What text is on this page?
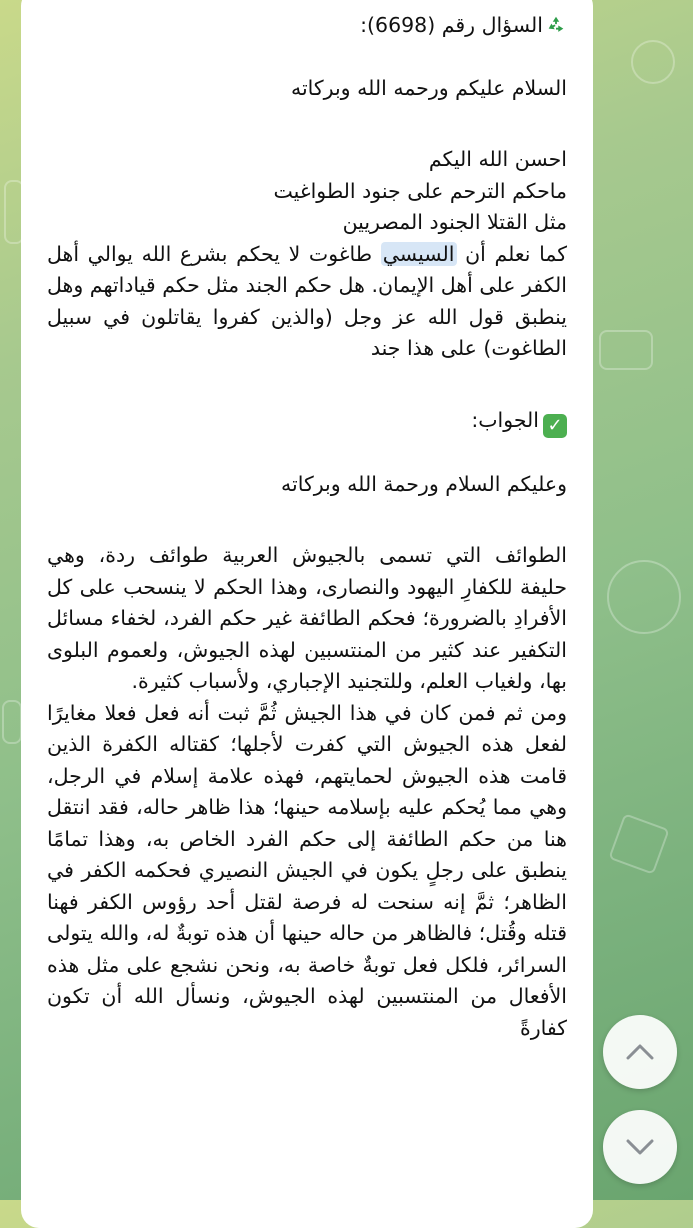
السؤال رقم (6698):
السلام عليكم ورحمه الله وبركاته
احسن الله اليكم
ماحكم الترحم على جنود الطواغيت
مثل القتلا الجنود المصريين
كما نعلم أن السيسي طاغوت لا يحكم بشرع الله يوالي أهل الكفر على أهل الإيمان. هل حكم الجند مثل حكم قياداتهم وهل ينطبق قول الله عز وجل (والذين كفروا يقاتلون في سبيل الطاغوت) على هذا جند
✓الجواب:
وعليكم السلام ورحمة الله وبركاته
الطوائف التي تسمى بالجيوش العربية طوائف ردة، وهي حليفة للكفارِ اليهود والنصارى، وهذا الحكم لا ينسحب على كل الأفرادِ بالضرورة؛ فحكم الطائفة غير حكم الفرد، لخفاء مسائل التكفير عند كثير من المنتسبين لهذه الجيوش، ولعموم البلوى بها، ولغياب العلم، وللتجنيد الإجباري، ولأسباب كثيرة.
ومن ثم فمن كان في هذا الجيش ثُمَّ ثبت أنه فعل فعلا مغايرًا لفعل هذه الجيوش التي كفرت لأجلها؛ كقتاله الكفرة الذين قامت هذه الجيوش لحمايتهم، فهذه علامة إسلام في الرجل، وهي مما يُحكم عليه بإسلامه حينها؛ هذا ظاهر حاله، فقد انتقل هنا من حكم الطائفة إلى حكم الفرد الخاص به، وهذا تمامًا ينطبق على رجلٍ يكون في الجيش النصيري فحكمه الكفر في الظاهر؛ ثمَّ إنه سنحت له فرصة لقتل أحد رؤوس الكفر فهنا قتله وقُتل؛ فالظاهر من حاله حينها أن هذه توبةٌ له، والله يتولى السرائر، فلكل فعل توبةٌ خاصة به، ونحن نشجع على مثل هذه الأفعال من المنتسبين لهذه الجيوش، ونسأل الله أن تكون كفارةً
